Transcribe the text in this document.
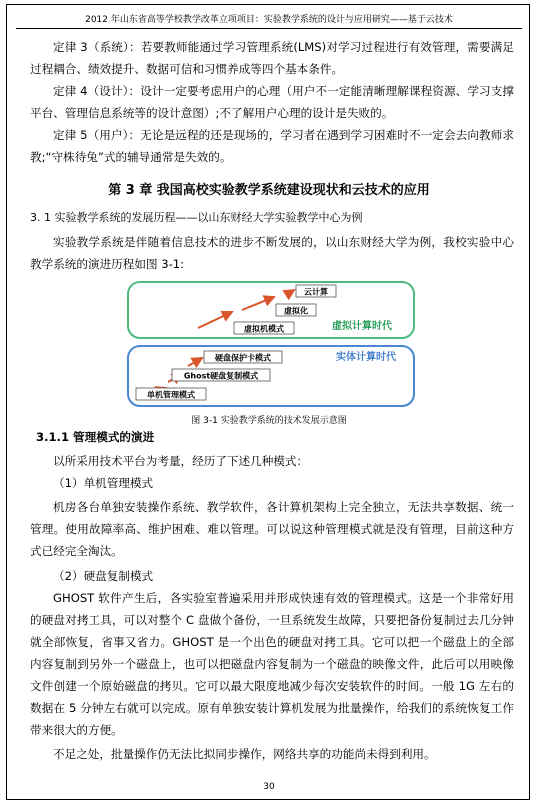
2012 年山东省高等学校教学改革立项项目：实验教学系统的设计与应用研究——基于云技术

定律 3（系统）：若要教师能通过学习管理系统(LMS)对学习过程进行有效管理，需要满足过程耦合、绩效提升、数据可信和习惯养成等四个基本条件。

定律 4（设计）：设计一定要考虑用户的心理（用户不一定能清晰理解课程资源、学习支撑平台、管理信息系统等的设计意图）;不了解用户心理的设计是失败的。

定律 5（用户）：无论是远程的还是现场的，学习者在遇到学习困难时不一定会去向教师求教;“守株待兔”式的辅导通常是失效的。

第 3 章 我国高校实验教学系统建设现状和云技术的应用
3. 1 实验教学系统的发展历程——以山东财经大学实验教学中心为例

实验教学系统是伴随着信息技术的进步不断发展的，以山东财经大学为例，我校实验中心教学系统的演进历程如图 3-1:

云计算
虚拟化
虚拟机模式	虚拟计算时代
硬盘保护卡模式
Ghost硬盘复制模式
单机管理模式
实体计算时代
图 3-1 实验教学系统的技术发展示意图
3.1.1 管理模式的演进

以所采用技术平台为考量，经历了下述几种模式：

（1）单机管理模式

机房各台单独安装操作系统、教学软件，各计算机架构上完全独立，无法共享数据、统一管理。使用故障率高、维护困难、难以管理。可以说这种管理模式就是没有管理，目前这种方式已经完全淘汰。

（2）硬盘复制模式

GHOST 软件产生后，各实验室普遍采用并形成快速有效的管理模式。这是一个非常好用的硬盘对拷工具，可以对整个 C 盘做个备份，一旦系统发生故障，只要把备份复制过去几分钟就全部恢复，省事又省力。GHOST 是一个出色的硬盘对拷工具。它可以把一个磁盘上的全部内容复制到另外一个磁盘上，也可以把磁盘内容复制为一个磁盘的映像文件，此后可以用映像文件创建一个原始磁盘的拷贝。它可以最大限度地减少每次安装软件的时间。一般 1G 左右的数据在 5 分钟左右就可以完成。原有单独安装计算机发展为批量操作，给我们的系统恢复工作带来很大的方便。

不足之处，批量操作仍无法比拟同步操作，网络共享的功能尚未得到利用。

30
